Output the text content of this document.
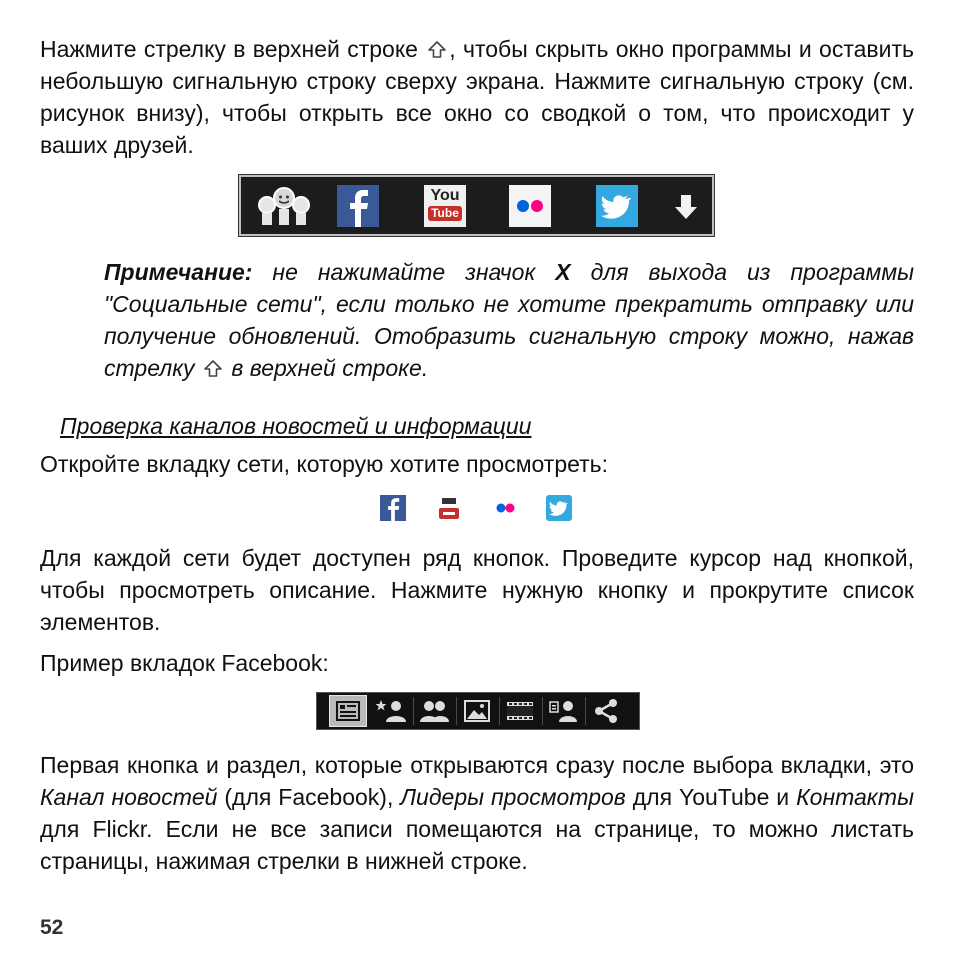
Нажмите стрелку в верхней строке , чтобы скрыть окно программы и оставить небольшую сигнальную строку сверху экрана. Нажмите сигнальную строку (см. рисунок внизу), чтобы открыть все окно со сводкой о том, что происходит у ваших друзей.

You
Tube

Примечание: не нажимайте значок X для выхода из программы "Социальные сети", если только не хотите прекратить отправку или получение обновлений. Отобразить сигнальную строку можно, нажав стрелку  в верхней строке.

Проверка каналов новостей и информации

Откройте вкладку сети, которую хотите просмотреть:

Для каждой сети будет доступен ряд кнопок. Проведите курсор над кнопкой, чтобы просмотреть описание. Нажмите нужную кнопку и прокрутите список элементов.

Пример вкладок Facebook:

Первая кнопка и раздел, которые открываются сразу после выбора вкладки, это Канал новостей (для Facebook), Лидеры просмотров для YouTube и Контакты для Flickr. Если не все записи помещаются на странице, то можно листать страницы, нажимая стрелки в нижней строке.

52
